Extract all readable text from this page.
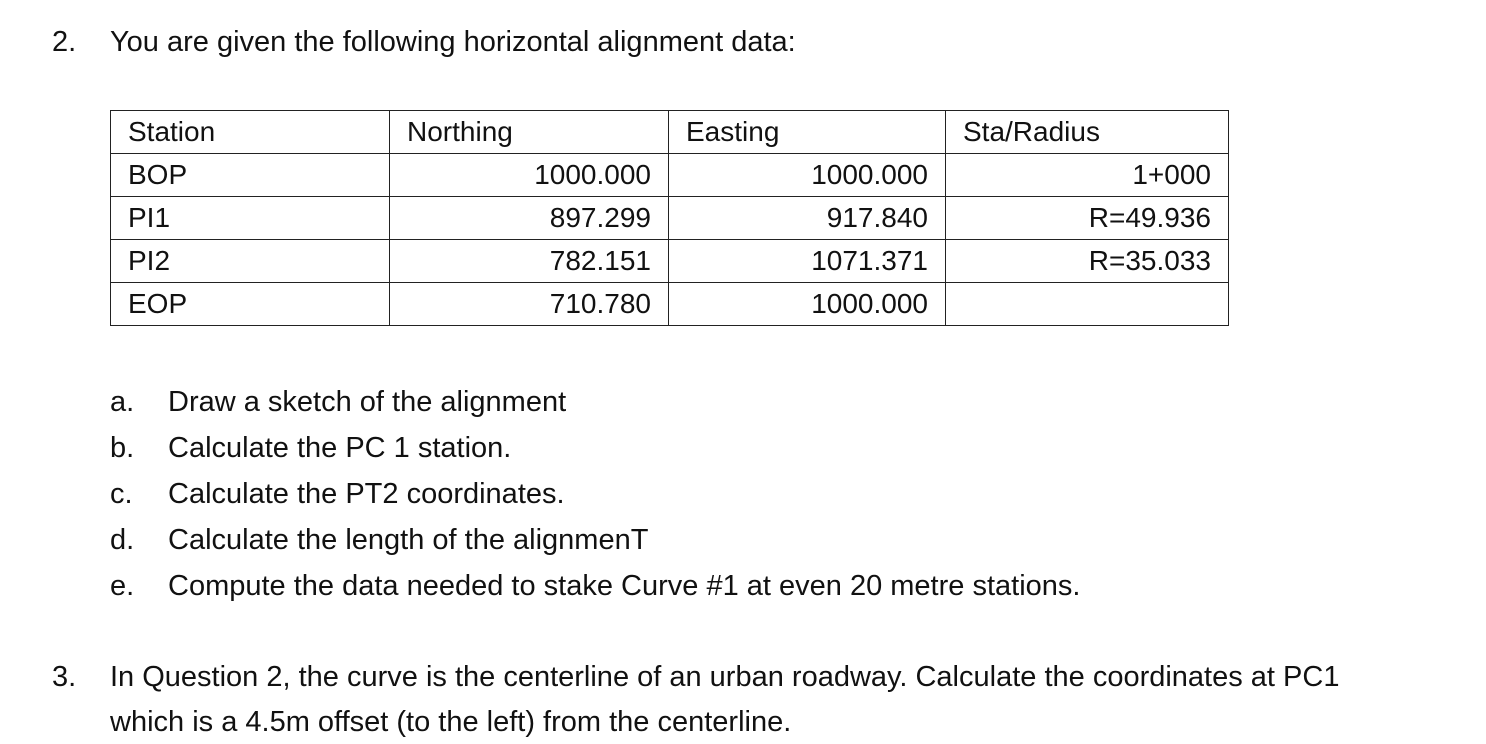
2. You are given the following horizontal alignment data:
Station	Northing	Easting	Sta/Radius
BOP	1000.000	1000.000	1+000
PI1	897.299	917.840	R=49.936
PI2	782.151	1071.371	R=35.033
EOP	710.780	1000.000	
a. Draw a sketch of the alignment
b. Calculate the PC 1 station.
c. Calculate the PT2 coordinates.
d. Calculate the length of the alignmenT
e. Compute the data needed to stake Curve #1 at even 20 metre stations.
3. In Question 2, the curve is the centerline of an urban roadway. Calculate the coordinates at PC1
which is a 4.5m offset (to the left) from the centerline.
